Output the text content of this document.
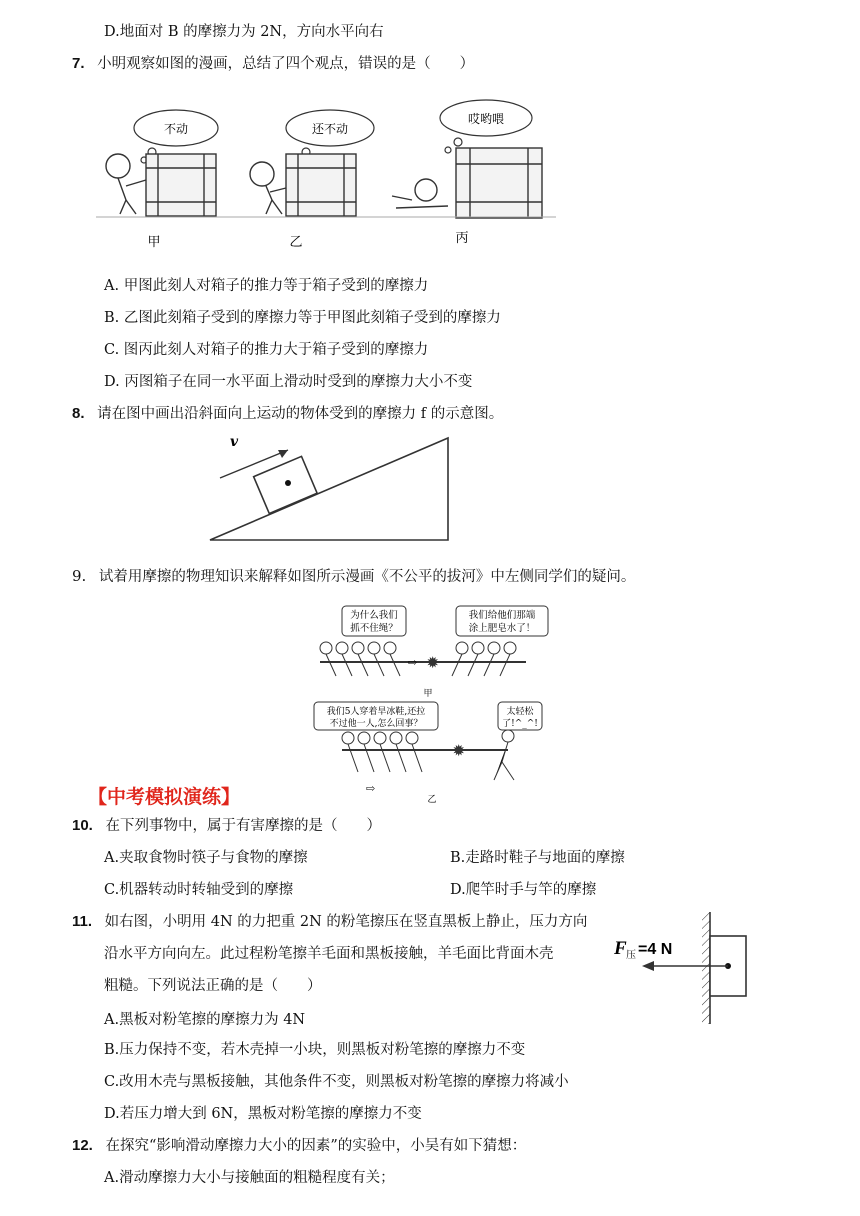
D.地面对 B 的摩擦力为 2N，方向水平向右
7. 小明观察如图的漫画，总结了四个观点，错误的是（　　）
不动	还不动
哎哟喂
甲	乙	丙
A. 甲图此刻人对箱子的推力等于箱子受到的摩擦力
B. 乙图此刻箱子受到的摩擦力等于甲图此刻箱子受到的摩擦力
C. 图丙此刻人对箱子的推力大于箱子受到的摩擦力
D. 丙图箱子在同一水平面上滑动时受到的摩擦力大小不变
8. 请在图中画出沿斜面向上运动的物体受到的摩擦力 f 的示意图。
v
9. 试着用摩擦的物理知识来解释如图所示漫画《不公平的拔河》中左侧同学们的疑问。
为什么我们
抓不住绳？
我们给他们那端
涂上肥皂水了！
⇨ ✹
甲
我们5人穿着旱冰鞋,还拉
不过他一人,怎么回事？
太轻松
了!^_^!
✹
⇨
乙
【中考模拟演练】
10. 在下列事物中，属于有害摩擦的是（　　）
A.夹取食物时筷子与食物的摩擦	B.走路时鞋子与地面的摩擦
C.机器转动时转轴受到的摩擦	D.爬竿时手与竿的摩擦
11. 如右图，小明用 4N 的力把重 2N 的粉笔擦压在竖直黑板上静止，压力方向
沿水平方向向左。此过程粉笔擦羊毛面和黑板接触，羊毛面比背面木壳
粗糙。下列说法正确的是（　　）
A.黑板对粉笔擦的摩擦力为 4N
B.压力保持不变，若木壳掉一小块，则黑板对粉笔擦的摩擦力不变
C.改用木壳与黑板接触，其他条件不变，则黑板对粉笔擦的摩擦力将减小
D.若压力增大到 6N，黑板对粉笔擦的摩擦力不变
F 压 =4 N
12. 在探究“影响滑动摩擦力大小的因素”的实验中，小吴有如下猜想：
A.滑动摩擦力大小与接触面的粗糙程度有关；
